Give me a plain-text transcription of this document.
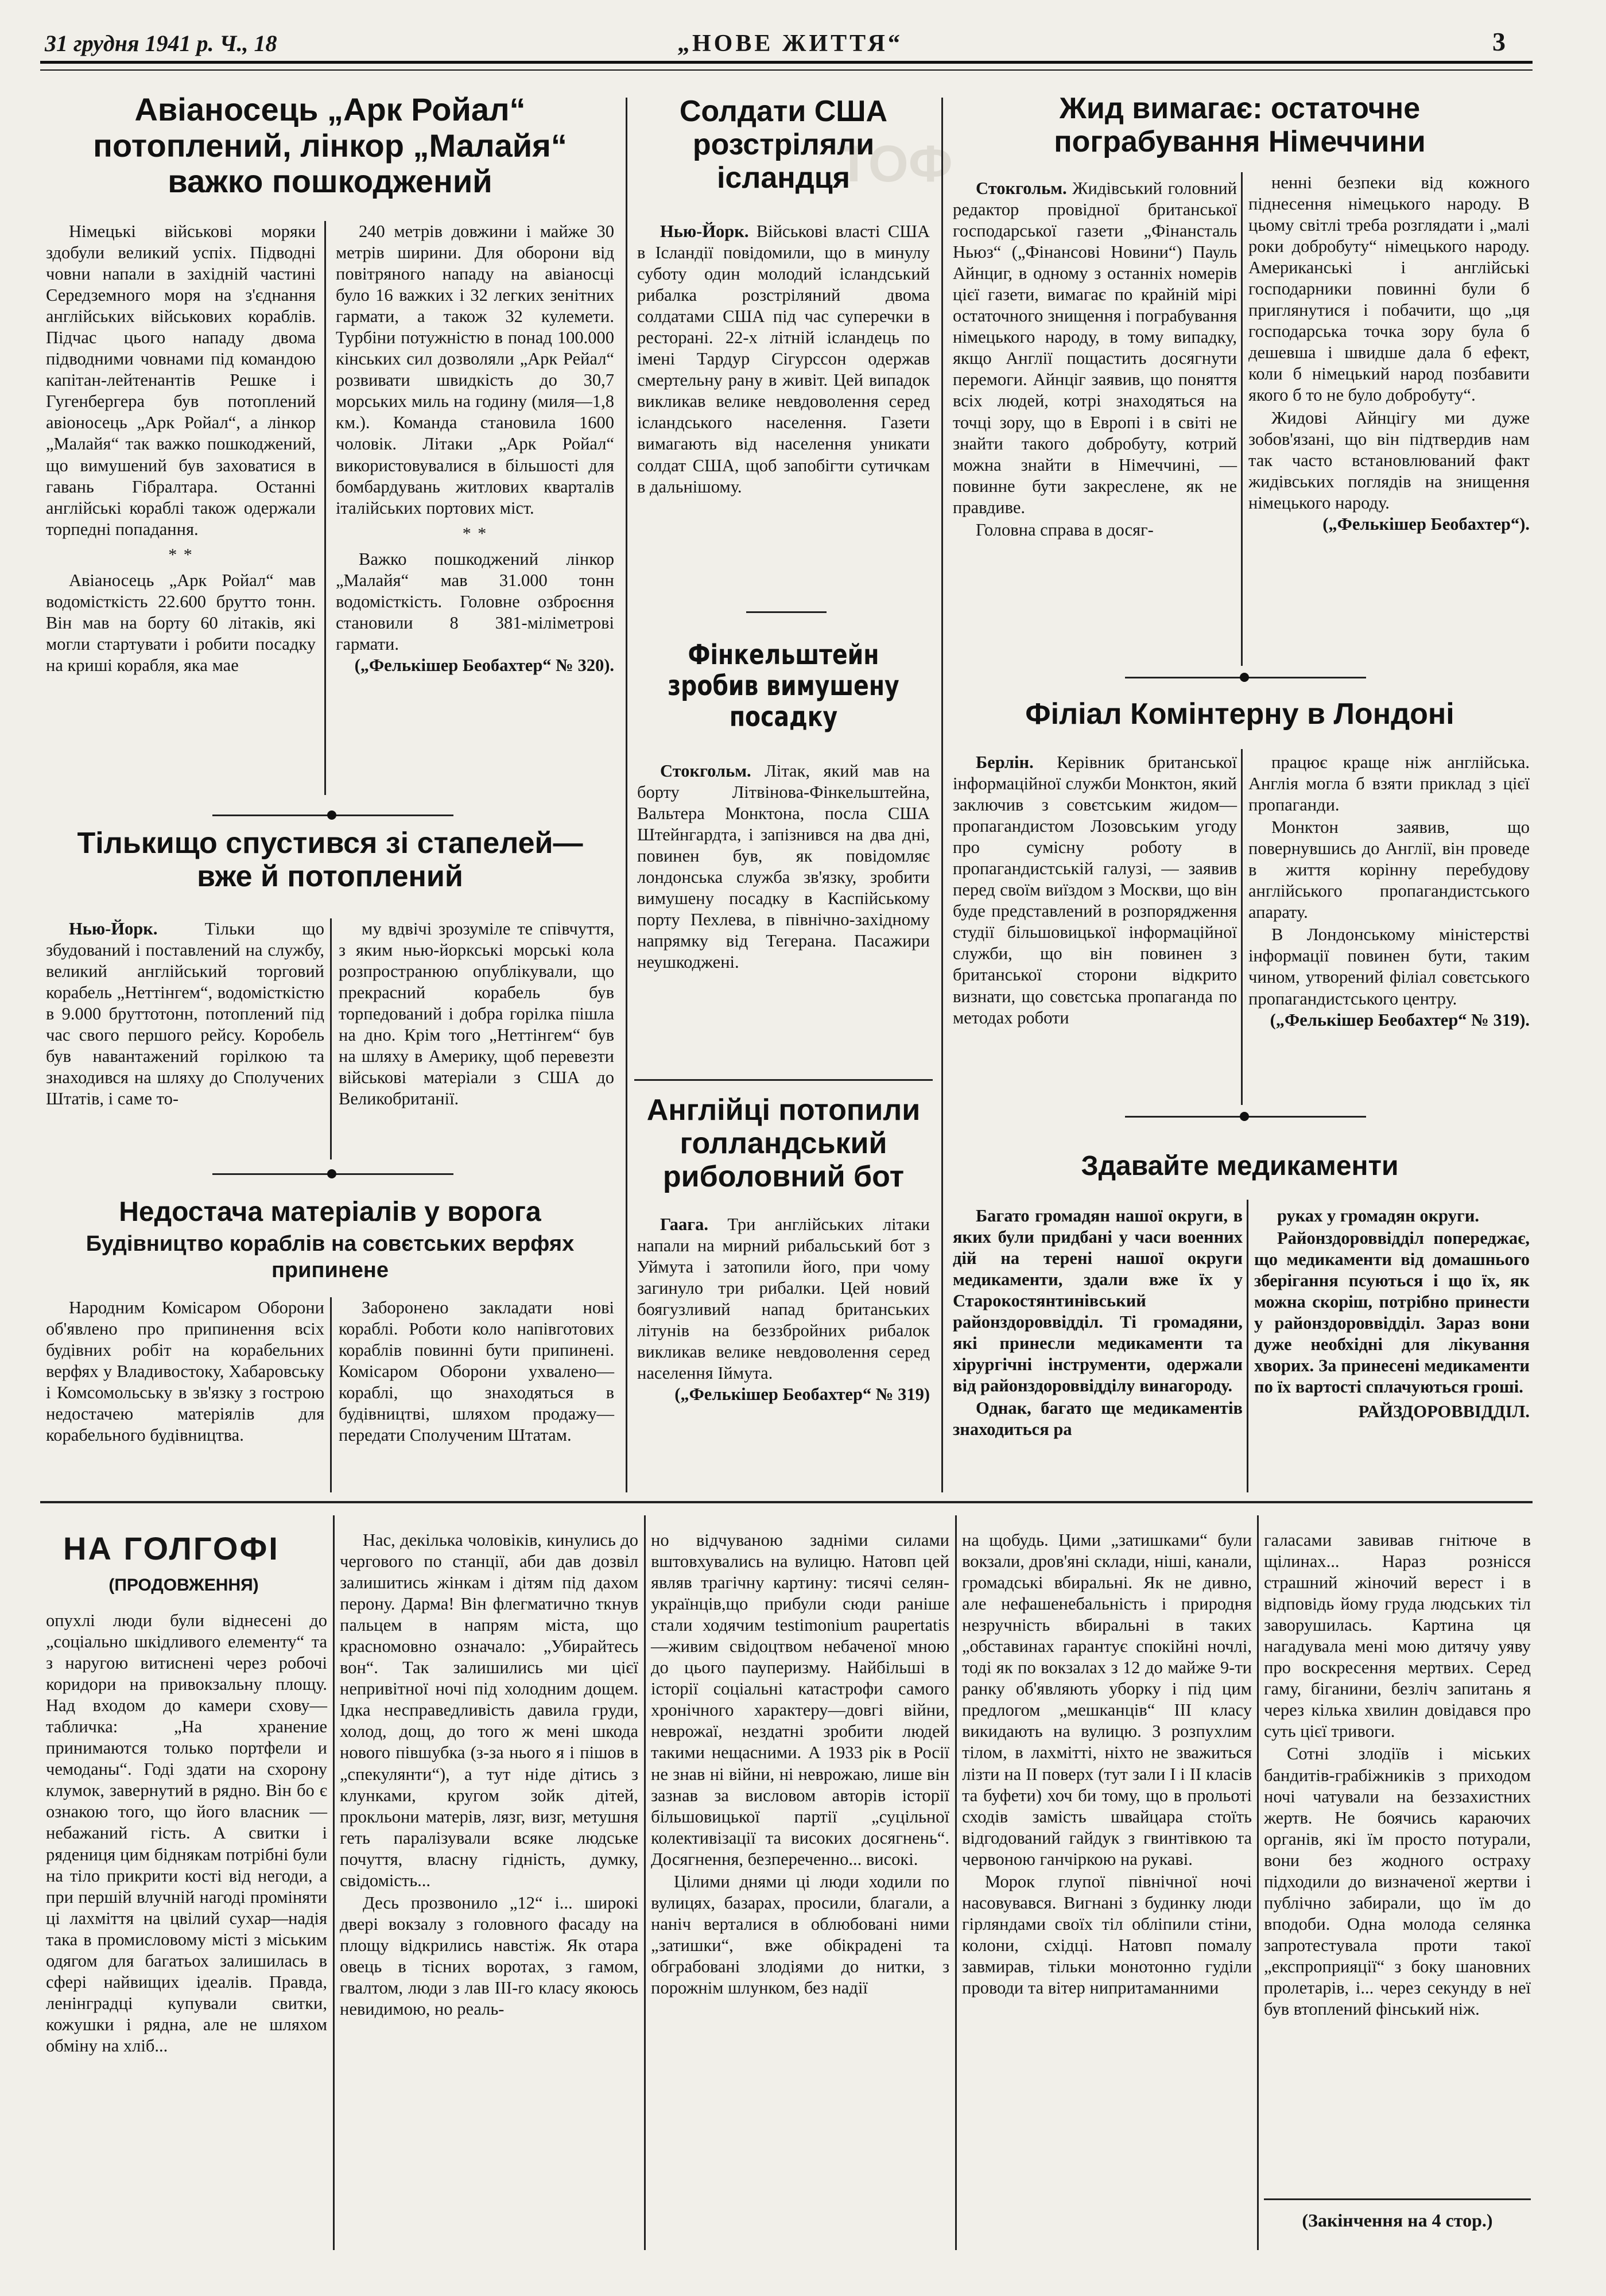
31 грудня 1941 р. Ч., 18	„НОВЕ ЖИТТЯ“	3
ТОФ
Авіаносець „Арк Ройал“ потоплений, лінкор „Малайя“ важко пошкоджений

Німецькі військові моряки здобули великий успіх. Підводні човни напали в західній частині Середземного моря на з'єднання англійських військових кораблів. Підчас цього нападу двома підводними човнами під командою капітан-лейтенантів Решке і Гугенбергера був потоплений авіоносець „Арк Ройал“, а лінкор „Малайя“ так важко пошкоджений, що вимушений був заховатися в гавань Гібралтара. Останні англійські кораблі також одержали торпедні попадання.

* *

Авіаносець „Арк Ройал“ мав водомісткість 22.600 брутто тонн. Він мав на борту 60 літаків, які могли стартувати і робити посадку на криші корабля, яка мае

240 метрів довжини і майже 30 метрів ширини. Для оборони від повітряного нападу на авіаносці було 16 важких і 32 легких зенітних гармати, а також 32 кулемети. Турбіни потужністю в понад 100.000 кінських сил дозволяли „Арк Рейал“ розвивати швидкість до 30,7 морських миль на годину (миля—1,8 км.). Команда становила 1600 чоловік. Літаки „Арк Ройал“ використовувалися в більшості для бомбардувань житлових кварталів італійських портових міст.

* *

Важко пошкоджений лінкор „Малайя“ мав 31.000 тонн водомісткість. Головне озброєння становили 8 381-міліметрові гармати.

(„Фелькішер Беобахтер“ № 320).
Тількищо спустився зі стапелей— вже й потоплений

Нью-Йорк.	Тільки що збудований і поставлений на службу, великий англійський торговий корабель „Неттінгем“, водомісткістю в 9.000 бруттотонн, потоплений під час свого першого рейсу. Коробель був навантажений горілкою та знаходився на шляху до Сполучених Штатів, і саме то-

му вдвічі зрозуміле те співчуття, з яким нью-йоркські морські кола розпространюю опублікували, що прекрасний корабель був торпедований і добра горілка пішла на дно. Крім того „Неттінгем“ був на шляху в Америку, щоб перевезти військові матеріали з США до Великобританії.

Недостача матеріалів у ворога
Будівництво кораблів на совєтських верфях припинене

Народним Комісаром Оборони об'явлено про припинення всіх будівних робіт на корабельних верфях у Владивостоку, Хабаровську і Комсомольську в зв'язку з гострою недостачею матеріялів для корабельного будівництва.

Заборонено закладати нові кораблі. Роботи коло напівготових кораблів повинні бути припинені. Комісаром Оборони ухвалено—кораблі, що знаходяться в будівництві, шляхом продажу—передати Сполученим Штатам.

Солдати США розстріляли ісландця

Нью-Йорк. Військові власті США в Ісландії повідомили, що в минулу суботу один молодий ісландський рибалка розстріляний двома солдатами США під час суперечки в ресторані. 22-х літній ісландець по імені Тардур Сігурссон одержав смертельну рану в живіт. Цей випадок викликав велике невдоволення серед ісландського населення. Газети вимагають від населення уникати солдат США, щоб запобігти сутичкам в дальнішому.

Фінкельштейн зробив вимушену посадку

Стокгольм. Літак, який мав на борту Літвінова-Фінкельштейна, Вальтера Монктона, посла США Штейнгардта, і запізнився на два дні, повинен був, як повідомляє лондонська служба зв'язку, зробити вимушену посадку в Каспійському порту Пехлева, в північно-західному напрямку від Тегерана. Пасажири неушкоджені.

Англійці потопили голландський риболовний бот

Гаага. Три англійських літаки напали на мирний рибальський бот з Уймута і затопили його, при чому загинуло три рибалки. Цей новий боягузливий напад британських літунів на беззбройних рибалок викликав велике невдоволення серед населення Іймута.

(„Фелькішер Беобахтер“ № 319)
Жид вимагає: остаточне пограбування Німеччини

Стокгольм. Жидівський головний редактор провідної британської господарської газети „Фінансталь Ньюз“ („Фінансові Новини“) Пауль Айнциг, в одному з останніх номерів цієї газети, вимагає по крайній мірі остаточного знищення і пограбування німецького народу, в тому випадку, якщо Англії пощастить досягнути перемоги. Айнціг заявив, що поняття всіх людей, котрі знаходяться на точці зору, що в Европі і в світі не знайти такого добробуту, котрий можна знайти в Німеччині, — повинне бути закреслене, як не правдиве.

Головна справа в досяг-

ненні безпеки від кожного піднесення німецького народу. В цьому світлі треба розглядати і „малі роки добробуту“ німецького народу. Американські і англійські господарники повинні були б приглянутися і побачити, що „ця господарська точка зору була б дешевша і швидше дала б ефект, коли б німецький народ позбавити якого б то не було добробуту“.

Жидові Айнцігу ми дуже зобов'язані, що він підтвердив нам так часто встановлюваний факт жидівських поглядів на знищення німецького народу.

(„Фелькішер Беобахтер“).
Філіал Комінтерну в Лондоні

Берлін. Керівник британської інформаційної служби Монктон, який заключив з совєтським жидом—пропагандистом Лозовським угоду про сумісну роботу в пропагандистській галузі, — заявив перед своїм виїздом з Москви, що він буде представлений в розпорядження студії більшовицької інформаційної служби, що він повинен з британської сторони відкрито визнати, що совєтська пропаганда по методах роботи

працює краще ніж англійська. Англія могла б взяти приклад з цієї пропаганди.

Монктон заявив, що повернувшись до Англії, він проведе в життя корінну перебудову англійського пропагандистського апарату.

В Лондонському міністерстві інформації повинен бути, таким чином, утворений філіал совєтського пропагандистського центру.

(„Фелькішер Беобахтер“ № 319).
Здавайте медикаменти

Багато громадян нашої округи, в яких були придбані у часи военних дій на терені нашої округи медикаменти, здали вже їх у Старокостянтинівський районздороввідділ. Ті громадяни, які принесли медикаменти та хірургічні інструменти, одержали від районздороввідділу винагороду.

Однак, багато ще медикаментів знаходиться ра

руках у громадян округи.

Районздороввідділ попереджає, що медикаменти від домашнього зберігання псуються і що їх, як можна скоріш, потрібно принести у районздороввідділ. Зараз вони дуже необхідні для лікування хворих. За принесені медикаменти по їх вартості сплачуються гроші.

РАЙЗДОРОВВІДДІЛ.
НА ГОЛГОФІ
(ПРОДОВЖЕННЯ)

опухлі люди були віднесені до „соціально шкідливого елементу“ та з наругою витиснені через робочі коридори на привокзальну площу. Над входом до камери схову—табличка: „На хранение принимаются только портфели и чемоданы“. Годі здати на схоронy клумок, завернутий в рядно. Він бо є ознакою того, що його власник — небажаний гість. А свитки і рядениця цим біднякам потрібні були на тіло прикрити кості від негоди, а при першій влучній нагоді проміняти ці лахміття на цвілий сухар—надія така в промисловому місті з міським одягом для багатьох залишилась в сфері найвищих ідеалів. Правда, ленінградці купували свитки, кожушки і рядна, але не шляхом обміну на хліб...

Нас, декілька чоловіків, кинулись до чергового по станції, аби дав дозвіл залишитись жінкам і дітям під дахом перону. Дарма! Він флегматично ткнув пальцем в напрям міста, що красномовно означало: „Убирайтесь вон“. Так залишились ми цієї непривітної ночі під холодним дощем. Ідка несправедливість давила груди, холод, дощ, до того ж мені шкода нового півшубка (з-за нього я і пішов в „спекулянти“), а тут ніде дітись з клунками, кругом зойк дітей, прокльони матерів, лязг, визг, метушня геть паралізували всяке людське почуття, власну гідність, думку, свідомість...

Десь прозвонило „12“ і... широкі двері вокзалу з головного фасаду на площу відкрились навстіж. Як отара овець в тісних воротах, з гамом, гвалтом, люди з лав III-го класу якоюсь невидимою, но реаль-

но відчуваною задніми силами вштовхувались на вулицю. Натовп цей являв трагічну картину: тисячі селян-українців,що прибули сюди раніше стали ходячим testimonium paupertatis —живим свідоцтвом небаченої мною до цього пауперизму. Найбільші в історії соціальні катастрофи самого хронічного характеру—довгі війни, неврожаї, нездатні зробити людей такими нещасними. А 1933 рік в Росії не знав ні війни, ні неврожаю, лише він зазнав за висловом авторів історії більшовицької партії „суцільної колективізації та високих досягнень“. Досягнення, безпереченно... високі.

Цілими днями ці люди ходили по вулицях, базарах, просили, благали, а наніч верталися в облюбовані ними „затишки“, вже обікрадені та обграбовані злодіями до нитки, з порожнім шлунком, без надії

на щобудь. Цими „затишками“ були вокзали, дров'яні склади, ніші, канали, громадські вбиральні. Як не дивно, але нефашенебальність і природня незручність вбиральні в таких „обставинах гарантує спокійні ночлі, тоді як по вокзалах з 12 до майже 9-ти ранку об'являють уборку і під цим предлогом „мешканців“ III класу викидають на вулицю. З розпухлим тілом, в лахмітті, ніхто не зважиться лізти на II поверх (тут зали I і II класів та буфети) хоч би тому, що в прольоті сходів замість швайцара стоїть відгодований гайдук з гвинтівкою та червоною ганчіркою на рукаві.

Морок глупої північної ночі насовувався. Вигнані з будинку люди гірляндами своїх тіл обліпили стіни, колони, східці. Натовп помалу завмирав, тільки монотонно гуділи проводи та вітер нипритаманними

галасами завивав гнітюче в щілинах... Нараз рознісся страшний жіночий верест і в відповідь йому груда людських тіл заворушилась. Картина ця нагадувала мені мою дитячу уяву про воскресення мертвих. Серед гаму, біганини, безліч запитань я через кілька хвилин довідався про суть цієї тривоги.

Сотні злодіїв і міських бандитів-грабіжників з приходом ночі чатували на беззахистних жертв. Не боячись караючих органів, які їм просто потурали, вони без жодного остраху підходили до визначеної жертви і публічно забирали, що їм до вподоби. Одна молода селянка запротестувала проти такої „експроприяції“ з боку шановних пролетарів, і... через секунду в неї був втоплений фінський ніж.

(Закінчення на 4 стор.)
